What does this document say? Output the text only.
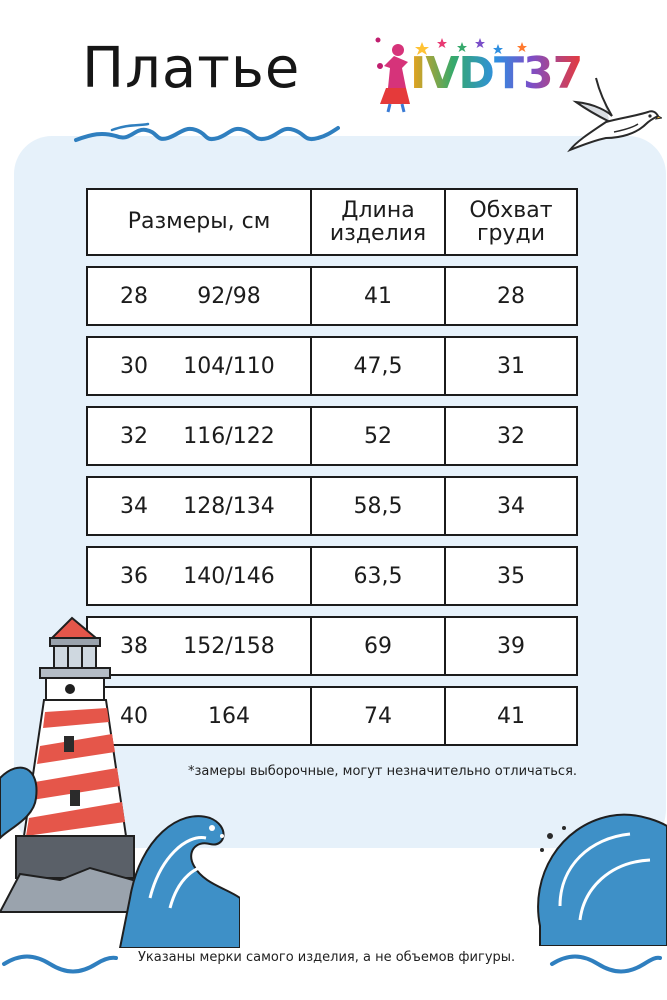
Платье IVDT37
Размеры, см	Длина изделия	Обхват груди
28 92/98	41	28
30 104/110	47,5	31
32 116/122	52	32
34 128/134	58,5	34
36 140/146	63,5	35
38 152/158	69	39
40 164	74	41

*замеры выборочные, могут незначительно отличаться.

Указаны мерки самого изделия, а не объемов фигуры.
